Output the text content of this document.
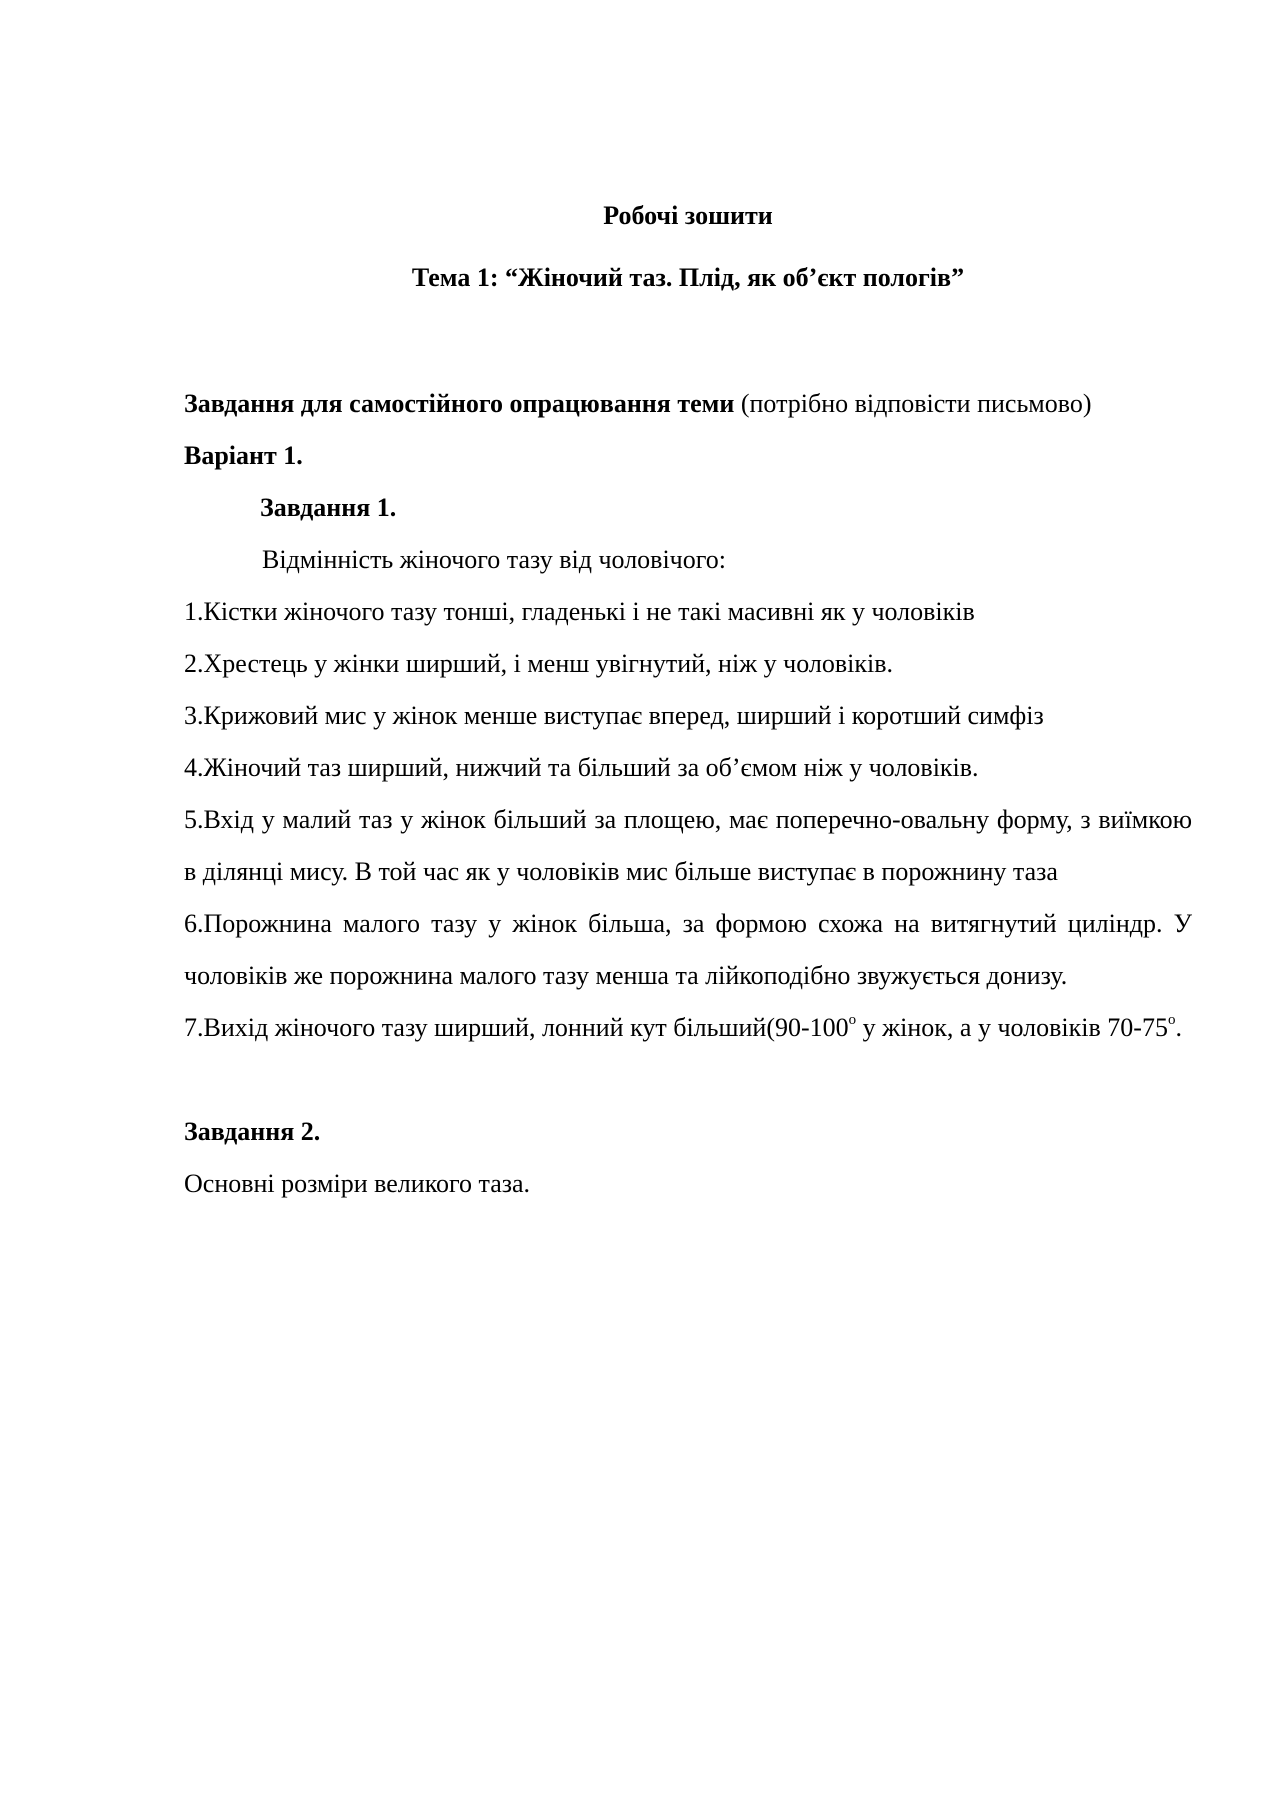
Робочі зошити

Тема 1: “Жіночий таз. Плід, як об’єкт пологів”

Завдання для самостійного опрацювання теми (потрібно відповісти письмово)

Варіант 1.

Завдання 1.

Відмінність жіночого тазу від чоловічого:

1.Кістки жіночого тазу тонші, гладенькі і не такі масивні як у чоловіків

2.Хрестець у жінки ширший, і менш увігнутий, ніж у чоловіків.

3.Крижовий мис у жінок менше виступає вперед, ширший і коротший симфіз

4.Жіночий таз ширший, нижчий та більший за об’ємом ніж у чоловіків.

5.Вхід у малий таз у жінок більший за площею, має поперечно-овальну форму, з виїмкою в ділянці мису. В той час як у чоловіків мис більше виступає в порожнину таза

6.Порожнина малого тазу у жінок більша, за формою схожа на витягнутий циліндр. У чоловіків же порожнина малого тазу менша та лійкоподібно звужується донизу.

7.Вихід жіночого тазу ширший, лонний кут $більший(90-100^о$ у жінок, а у чоловіків $70-75^о$.

Завдання 2.

Основні розміри великого таза.
